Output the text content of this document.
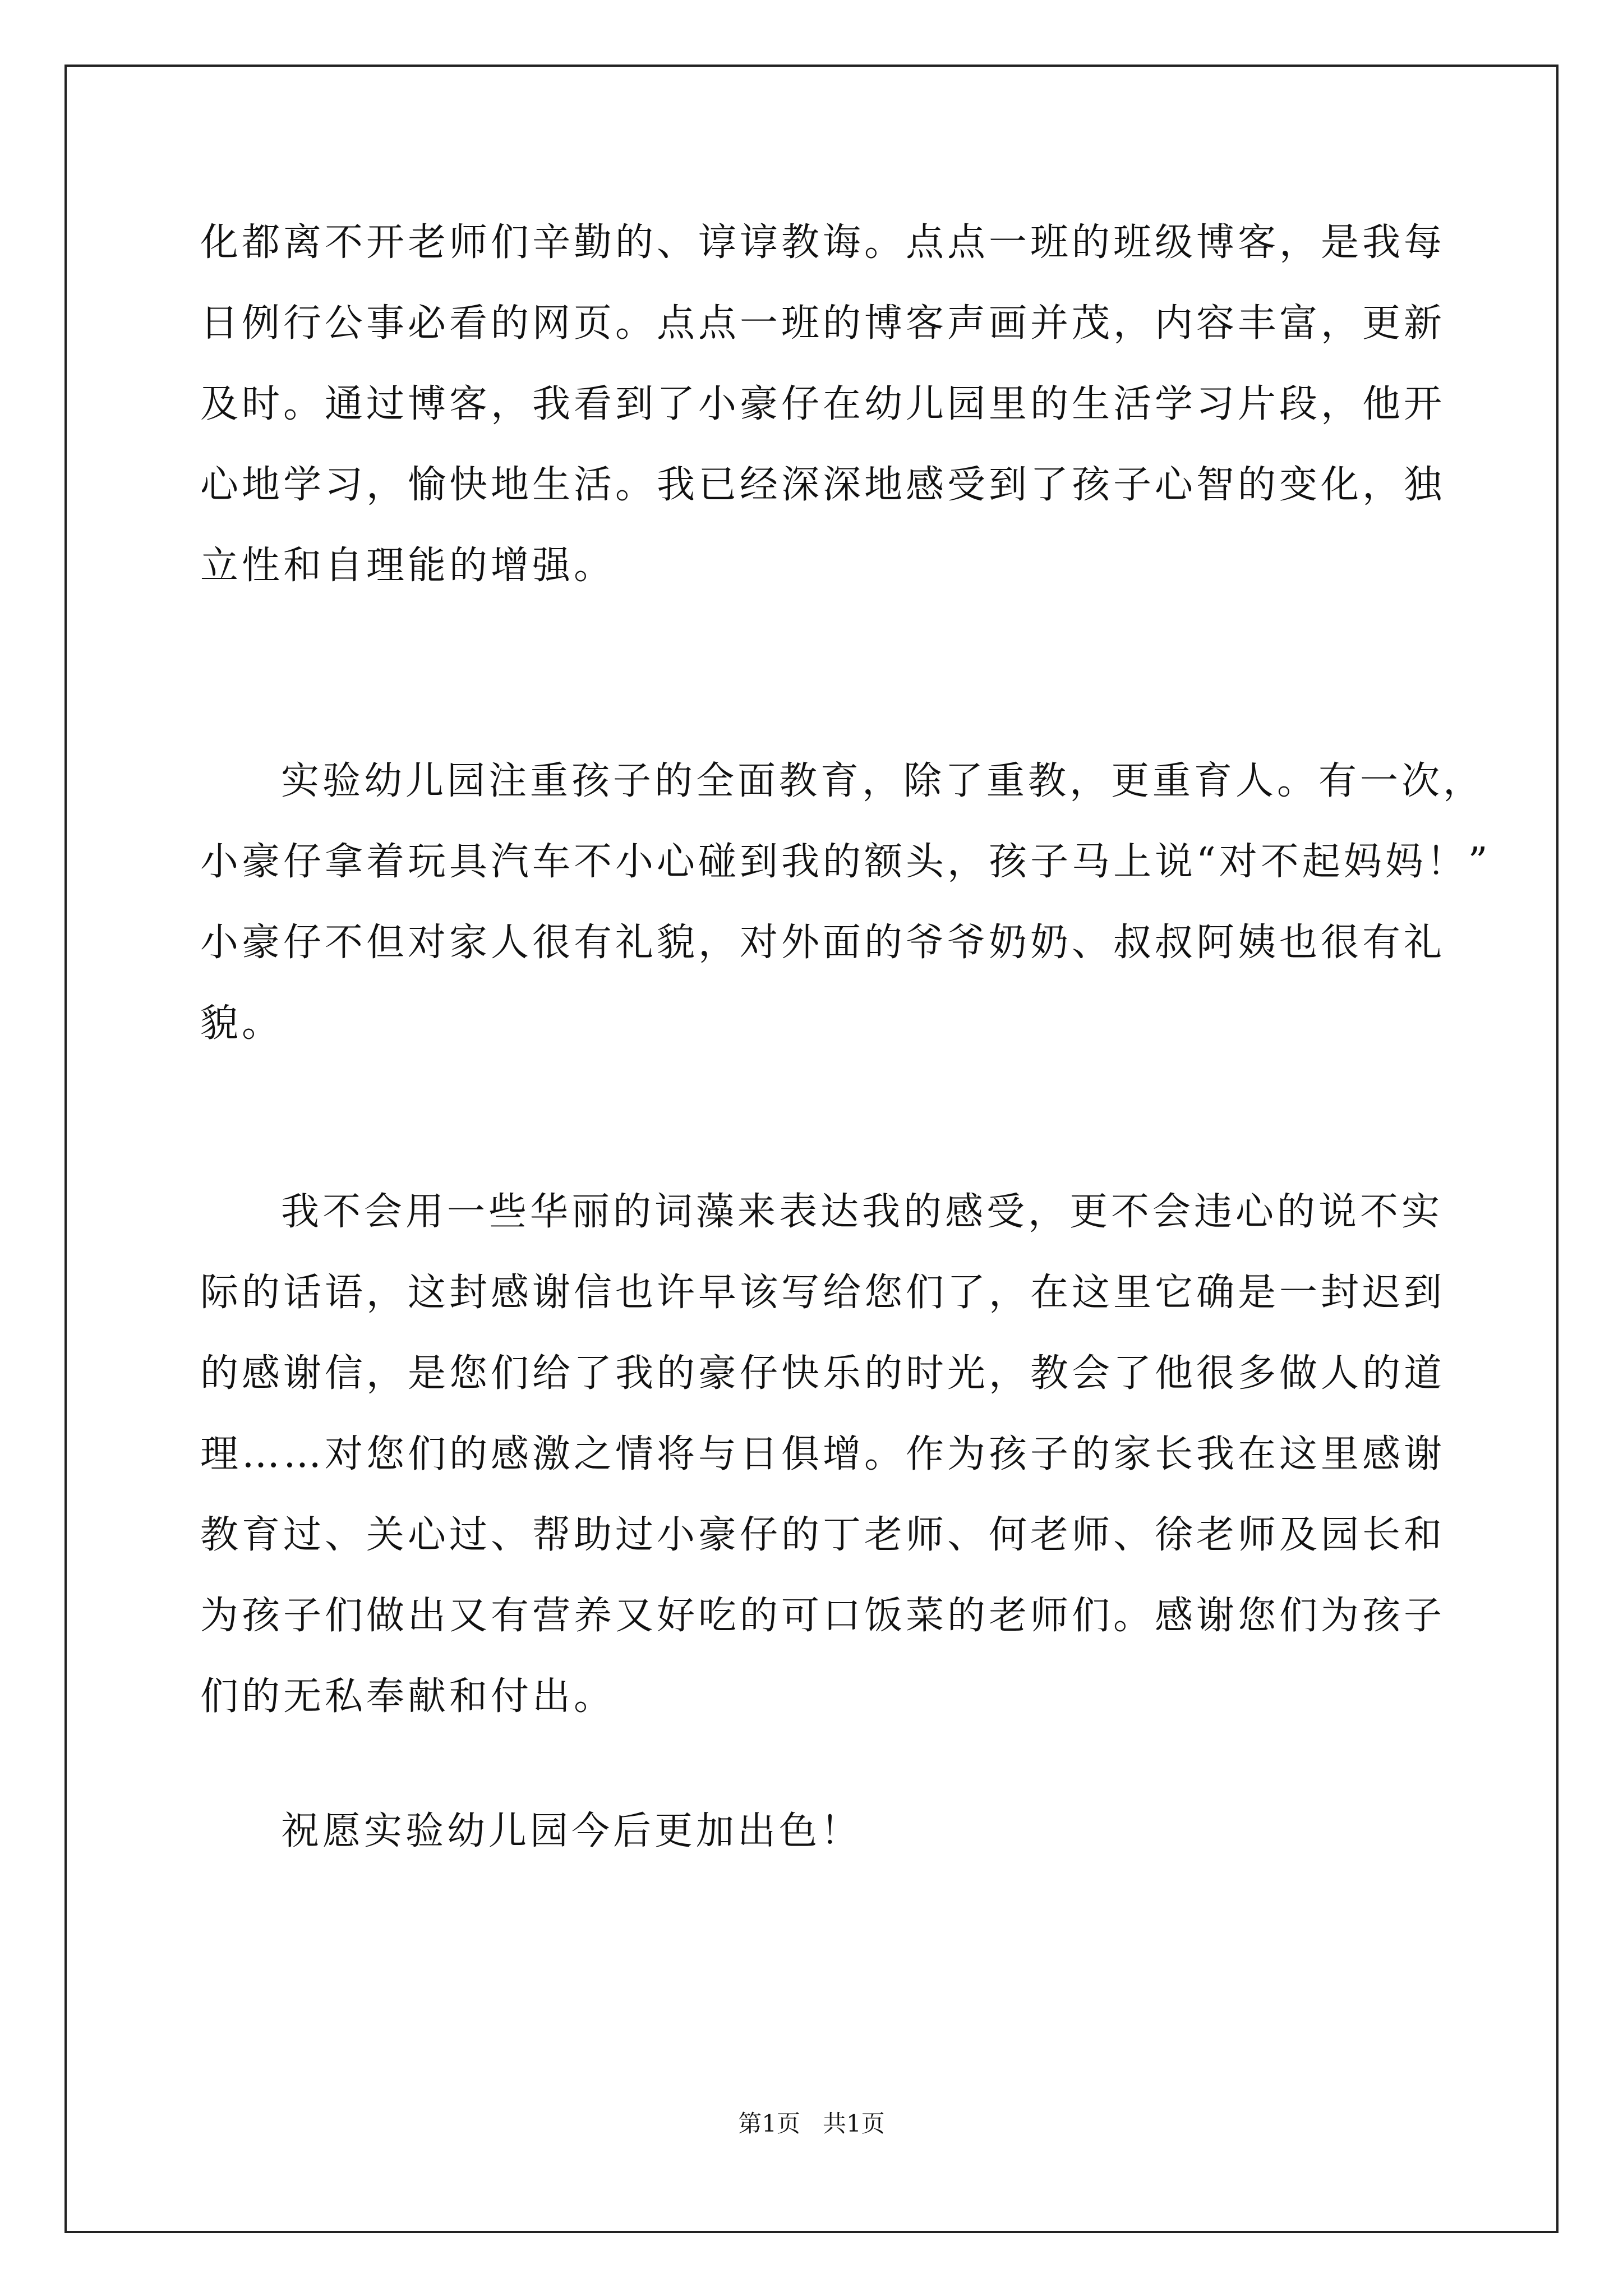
化都离不开老师们辛勤的、谆谆教诲。点点一班的班级博客，是我每
日例行公事必看的网页。点点一班的博客声画并茂，内容丰富，更新
及时。通过博客，我看到了小豪仔在幼儿园里的生活学习片段，他开
心地学习，愉快地生活。我已经深深地感受到了孩子心智的变化，独
立性和自理能的增强。
实验幼儿园注重孩子的全面教育，除了重教，更重育人。有一次，
小豪仔拿着玩具汽车不小心碰到我的额头，孩子马上说“对不起妈妈！”
小豪仔不但对家人很有礼貌，对外面的爷爷奶奶、叔叔阿姨也很有礼
貌。
我不会用一些华丽的词藻来表达我的感受，更不会违心的说不实
际的话语，这封感谢信也许早该写给您们了，在这里它确是一封迟到
的感谢信，是您们给了我的豪仔快乐的时光，教会了他很多做人的道
理……对您们的感激之情将与日俱增。作为孩子的家长我在这里感谢
教育过、关心过、帮助过小豪仔的丁老师、何老师、徐老师及园长和
为孩子们做出又有营养又好吃的可口饭菜的老师们。感谢您们为孩子
们的无私奉献和付出。
祝愿实验幼儿园今后更加出色！
第1页   共1页
